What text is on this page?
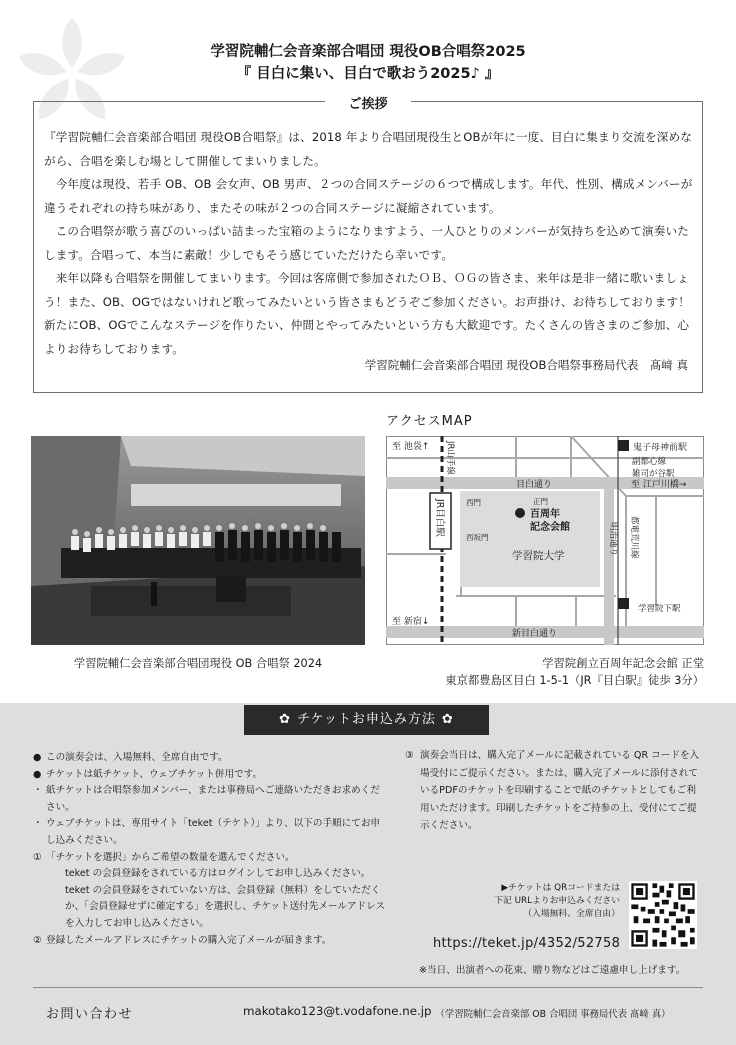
学習院輔仁会音楽部合唱団 現役OB合唱祭2025
『 目白に集い、目白で歌おう2025♪ 』
ご挨拶

『学習院輔仁会音楽部合唱団 現役OB合唱祭』は、2018 年より合唱団現役生とOBが年に一度、目白に集まり交流を深めながら、合唱を楽しむ場として開催してまいりました。

今年度は現役、若手 OB、OB 会女声、OB 男声、２つの合同ステージの６つで構成します。年代、性別、構成メンバーが違うそれぞれの持ち味があり、またその味が２つの合同ステージに凝縮されています。

この合唱祭が歌う喜びのいっぱい詰まった宝箱のようになりますよう、一人ひとりのメンバーが気持ちを込めて演奏いたします。合唱って、本当に素敵！少しでもそう感じていただけたら幸いです。

来年以降も合唱祭を開催してまいります。今回は客席側で参加されたＯＢ、ＯＧの皆さま、来年は是非一緒に歌いましょう！また、OB、OGではないけれど歌ってみたいという皆さまもどうぞご参加ください。お声掛け、お待ちしております！新たにOB、OGでこんなステージを作りたい、仲間とやってみたいという方も大歓迎です。たくさんの皆さまのご参加、心よりお待ちしております。

学習院輔仁会音楽部合唱団 現役OB合唱祭事務局代表　髙﨑 真
アクセスMAP
学習院輔仁会音楽部合唱団現役 OB 合唱祭 2024
至 池袋↑	鬼子母神前駅
副都心線
雑司が谷駅
目白通り	至 江戸川橋→
西門	正門
百周年
記念会館
西坂門
学習院大学
学習院下駅
至 新宿↓
新目白通り
JR山手線
JR目白駅
明治通り 都電荒川線
学習院創立百周年記念会館 正堂
東京都豊島区目白 1-5-1（JR『目白駅』徒歩 3分）
✿ チケットお申込み方法 ✿
● この演奏会は、入場無料、全席自由です。
● チケットは紙チケット、ウェブチケット併用です。
・ 紙チケットは合唱祭参加メンバー、または事務局へご連絡いただきお求めください。
・ ウェブチケットは、専用サイト「teket（テケト）」より、以下の手順にてお申し込みください。
① 「チケットを選択」からご希望の数量を選んでください。
teket の会員登録をされている方はログインしてお申し込みください。
teket の会員登録をされていない方は、会員登録（無料）をしていただくか、「会員登録せずに確定する」を選択し、チケット送付先メールアドレスを入力してお申し込みください。
② 登録したメールアドレスにチケットの購入完了メールが届きます。
③ 演奏会当日は、購入完了メールに記載されている QR コードを入場受付にご提示ください。または、購入完了メールに添付されているPDFのチケットを印刷することで紙のチケットとしてもご利用いただけます。印刷したチケットをご持参の上、受付にてご提示ください。
▶チケットは QRコードまたは
下記 URLよりお申込みください
（入場無料、全席自由）
https://teket.jp/4352/52758
※当日、出演者への花束、贈り物などはご遠慮申し上げます。
お問い合わせ	makotako123@t.vodafone.ne.jp （学習院輔仁会音楽部 OB 合唱団 事務局代表 髙﨑 真）
